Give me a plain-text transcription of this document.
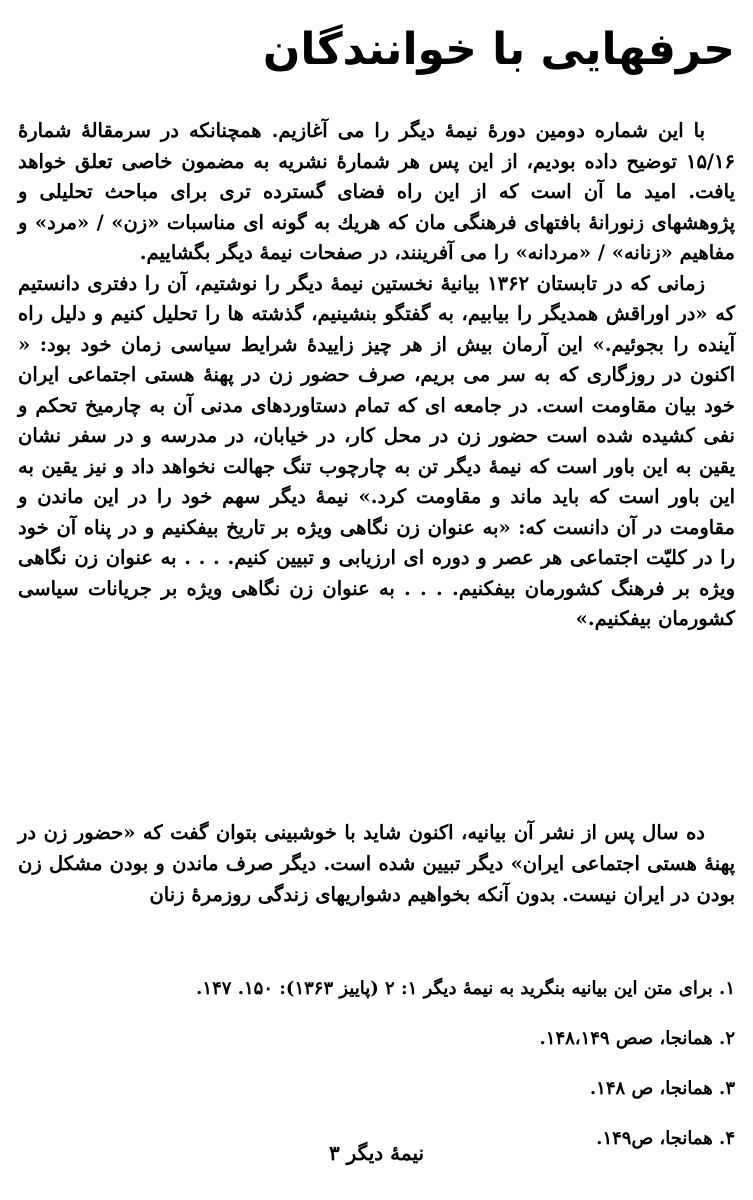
حرفهایی با خوانندگان

با این شماره دومین دورهٔ نیمهٔ دیگر را می آغازیم. همچنانکه در سرمقالهٔ شمارهٔ ۱۵/۱۶ توضیح داده بودیم، از این پس هر شمارهٔ نشریه به مضمون خاصی تعلق خواهد یافت. امید ما آن است که از این راه فضای گسترده تری برای مباحث تحلیلی و پژوهشهای زنورانهٔ بافتهای فرهنگی مان که هریك به گونه ای مناسبات «زن» / «مرد» و مفاهیم «زنانه» / «مردانه» را می آفرینند، در صفحات نیمهٔ دیگر بگشاییم.

زمانی که در تابستان ۱۳۶۲ بیانیهٔ نخستین نیمهٔ دیگر را نوشتیم، آن را دفتری دانستیم که «در اوراقش همدیگر را بیابیم، به گفتگو بنشینیم، گذشته ها را تحلیل کنیم و دلیل راه آینده را بجوئیم.» این آرمان بیش از هر چیز زاییدهٔ شرایط سیاسی زمان خود بود: « اکنون در روزگاری که به سر می بریم، صرف حضور زن در پهنهٔ هستی اجتماعی ایران خود بیان مقاومت است. در جامعه ای که تمام دستاوردهای مدنی آن به چارمیخ تحکم و نفی کشیده شده است حضور زن در محل کار، در خیابان، در مدرسه و در سفر نشان یقین به این باور است که نیمهٔ دیگر تن به چارچوب تنگ جهالت نخواهد داد و نیز یقین به این باور است که باید ماند و مقاومت کرد.» نیمهٔ دیگر سهم خود را در این ماندن و مقاومت در آن دانست که: «به عنوان زن نگاهی ویژه بر تاریخ بیفکنیم و در پناه آن خود را در کلیّت اجتماعی هر عصر و دوره ای ارزیابی و تبیین کنیم. . . . به عنوان زن نگاهی ویژه بر فرهنگ کشورمان بیفکنیم. . . . به عنوان زن نگاهی ویژه بر جریانات سیاسی کشورمان بیفکنیم.»

ده سال پس از نشر آن بیانیه، اکنون شاید با خوشبینی بتوان گفت که «حضور زن در پهنهٔ هستی اجتماعی ایران» دیگر تبیین شده است. دیگر صرف ماندن و بودن مشکل زن بودن در ایران نیست. بدون آنکه بخواهیم دشواریهای زندگی روزمرهٔ زنان

۱. برای متن این بیانیه بنگرید به نیمهٔ دیگر ۱: ۲ (پاییز ۱۳۶۳): ۱۵۰. ۱۴۷.
۲. همانجا، صص ۱۴۸،۱۴۹.
۳. همانجا، ص ۱۴۸.
۴. همانجا، ص۱۴۹.
نیمهٔ دیگر ۳
